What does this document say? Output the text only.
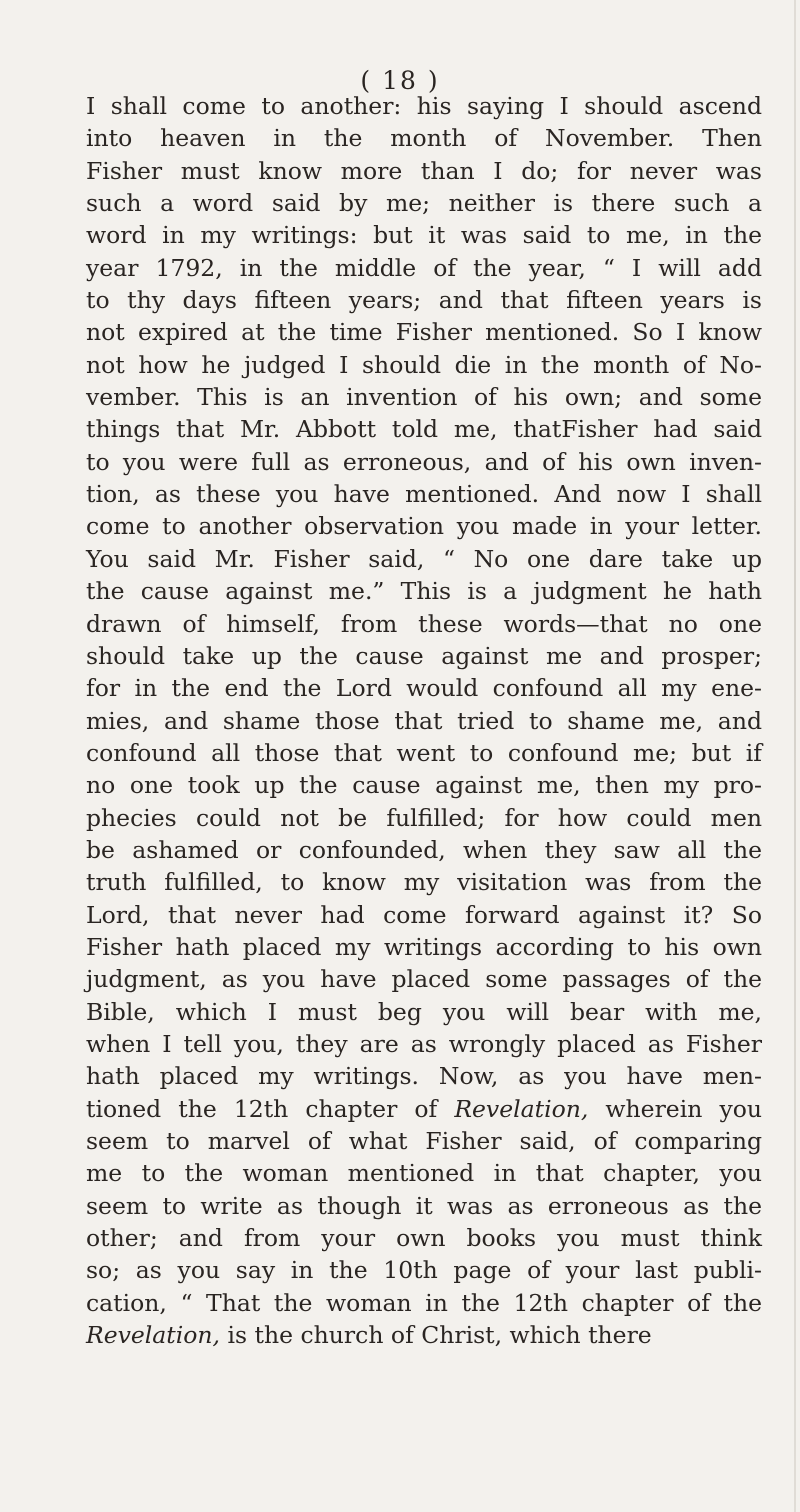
( 18 )
I shall come to another: his saying I should ascend
into heaven in the month of November. Then
Fisher must know more than I do; for never was
such a word said by me; neither is there such a
word in my writings: but it was said to me, in the
year 1792, in the middle of the year, “ I will add
to thy days fifteen years; and that fifteen years is
not expired at the time Fisher mentioned. So I know
not how he judged I should die in the month of No-
vember. This is an invention of his own; and some
things that Mr. Abbott told me, thatFisher had said
to you were full as erroneous, and of his own inven-
tion, as these you have mentioned. And now I shall
come to another observation you made in your letter.
You said Mr. Fisher said, “ No one dare take up
the cause against me.” This is a judgment he hath
drawn of himself, from these words—that no one
should take up the cause against me and prosper;
for in the end the Lord would confound all my ene-
mies, and shame those that tried to shame me, and
confound all those that went to confound me; but if
no one took up the cause against me, then my pro-
phecies could not be fulfilled; for how could men
be ashamed or confounded, when they saw all the
truth fulfilled, to know my visitation was from the
Lord, that never had come forward against it? So
Fisher hath placed my writings according to his own
judgment, as you have placed some passages of the
Bible, which I must beg you will bear with me,
when I tell you, they are as wrongly placed as Fisher
hath placed my writings. Now, as you have men-
tioned the 12th chapter of Revelation, wherein you
seem to marvel of what Fisher said, of comparing
me to the woman mentioned in that chapter, you
seem to write as though it was as erroneous as the
other; and from your own books you must think
so; as you say in the 10th page of your last publi-
cation, “ That the woman in the 12th chapter of the
Revelation, is the church of Christ, which there
